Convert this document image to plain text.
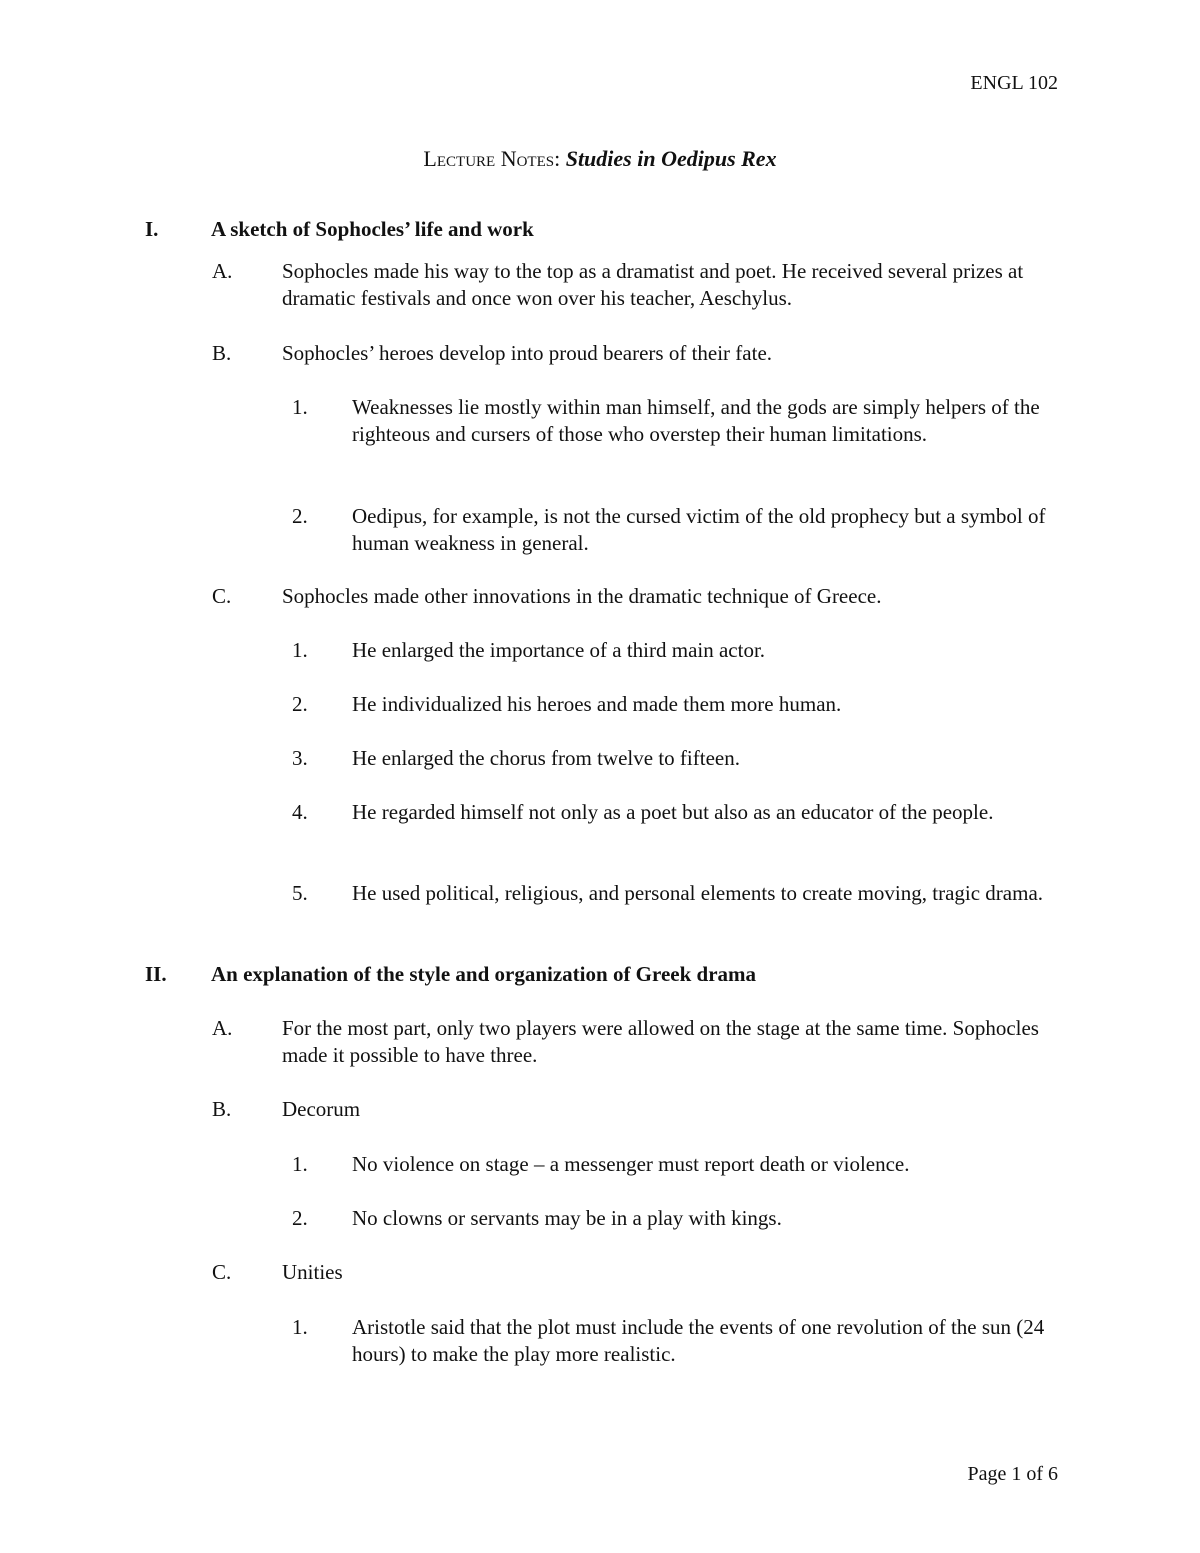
ENGL 102
Lecture Notes: Studies in Oedipus Rex
I.	A sketch of Sophocles’ life and work
A. Sophocles made his way to the top as a dramatist and poet. He received several prizes at dramatic festivals and once won over his teacher, Aeschylus.
B. Sophocles’ heroes develop into proud bearers of their fate.
1. Weaknesses lie mostly within man himself, and the gods are simply helpers of the righteous and cursers of those who overstep their human limitations.
2. Oedipus, for example, is not the cursed victim of the old prophecy but a symbol of human weakness in general.
C. Sophocles made other innovations in the dramatic technique of Greece.
1. He enlarged the importance of a third main actor.
2. He individualized his heroes and made them more human.
3. He enlarged the chorus from twelve to fifteen.
4. He regarded himself not only as a poet but also as an educator of the people.
5. He used political, religious, and personal elements to create moving, tragic drama.
II. An explanation of the style and organization of Greek drama
A. For the most part, only two players were allowed on the stage at the same time. Sophocles made it possible to have three.
B. Decorum
1. No violence on stage – a messenger must report death or violence.
2. No clowns or servants may be in a play with kings.
C. Unities
1. Aristotle said that the plot must include the events of one revolution of the sun (24 hours) to make the play more realistic.
Page 1 of 6
